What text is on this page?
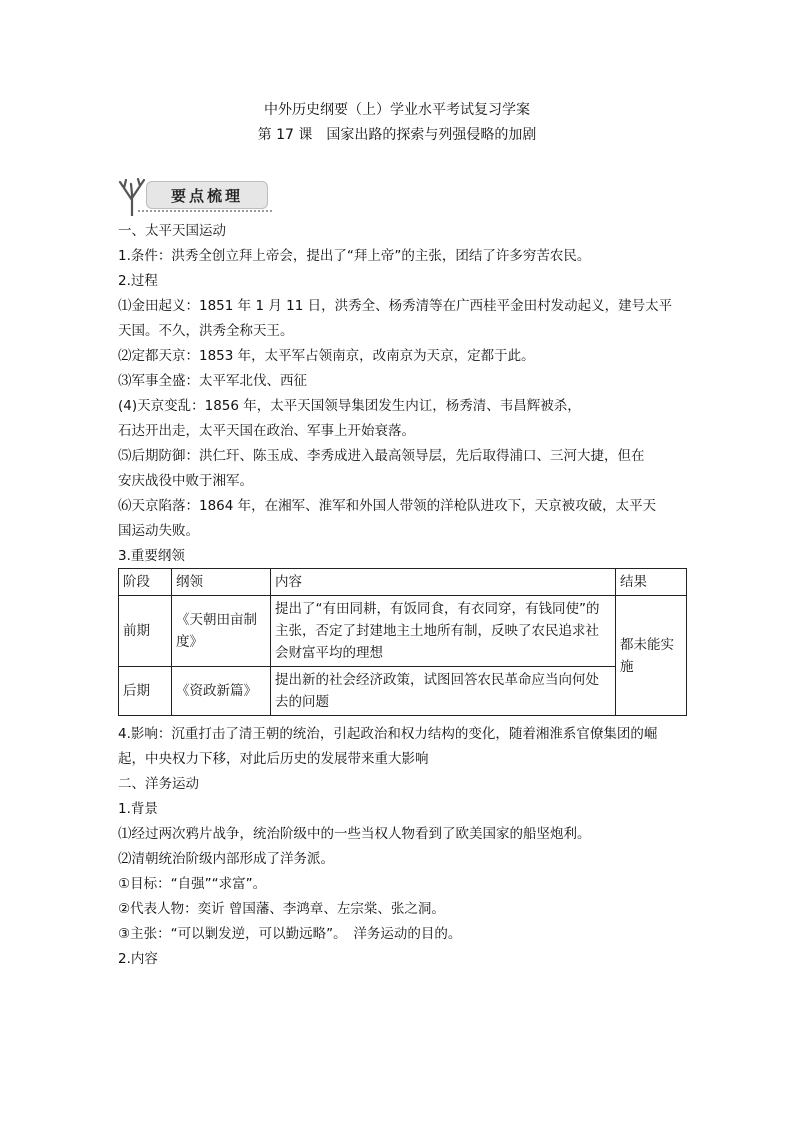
中外历史纲要（上）学业水平考试复习学案
第 17 课　国家出路的探索与列强侵略的加剧
要点梳理
一、太平天国运动
1.条件：洪秀全创立拜上帝会，提出了“拜上帝”的主张，团结了许多穷苦农民。
2.过程
⑴金田起义：1851 年 1 月 11 日，洪秀全、杨秀清等在广西桂平金田村发动起义，建号太平
天国。不久，洪秀全称天王。
⑵定都天京：1853 年，太平军占领南京，改南京为天京，定都于此。
⑶军事全盛：太平军北伐、西征
(4)天京变乱：1856 年，太平天国领导集团发生内讧，杨秀清、韦昌辉被杀，
石达开出走，太平天国在政治、军事上开始衰落。
⑸后期防御：洪仁玕、陈玉成、李秀成进入最高领导层，先后取得浦口、三河大捷，但在
安庆战役中败于湘军。
⑹天京陷落：1864 年，在湘军、淮军和外国人带领的洋枪队进攻下，天京被攻破，太平天
国运动失败。
3.重要纲领
阶段	纲领	内容	结果
前期	《天朝田亩制度》	提出了“有田同耕，有饭同食，有衣同穿，有钱同使”的主张，否定了封建地主土地所有制，反映了农民追求社会财富平均的理想	都未能实施
后期	《资政新篇》	提出新的社会经济政策，试图回答农民革命应当向何处去的问题	
4.影响：沉重打击了清王朝的统治，引起政治和权力结构的变化，随着湘淮系官僚集团的崛
起，中央权力下移，对此后历史的发展带来重大影响
二、洋务运动
1.背景
⑴经过两次鸦片战争，统治阶级中的一些当权人物看到了欧美国家的船坚炮利。
⑵清朝统治阶级内部形成了洋务派。
①目标：“自强”“求富”。
②代表人物：奕䜣 曾国藩、李鸿章、左宗棠、张之洞。
③主张：“可以剿发逆，可以勤远略”。　洋务运动的目的。
2.内容
